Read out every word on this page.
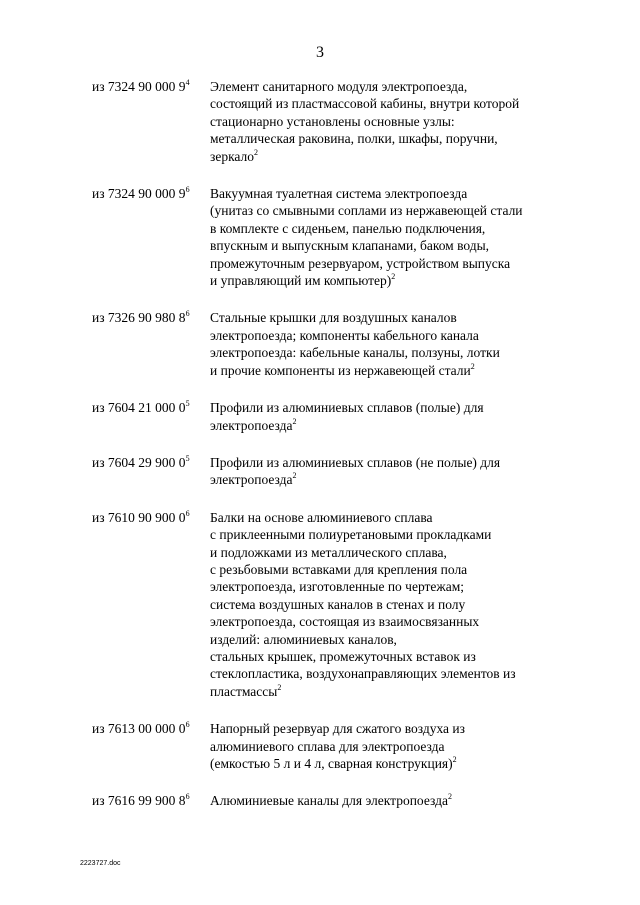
3
из 7324 90 000 $9^4$	Элемент санитарного модуля электропоезда,
состоящий из пластмассовой кабины, внутри которой
стационарно установлены основные узлы:
металлическая раковина, полки, шкафы, поручни,
зеркало$^2$
из 7324 90 000 $9^6$	Вакуумная туалетная система электропоезда
(унитаз со смывными соплами из нержавеющей стали
в комплекте с сиденьем, панелью подключения,
впускным и выпускным клапанами, баком воды,
промежуточным резервуаром, устройством выпуска
и управляющий им компьютер)$^2$
из 7326 90 980 $8^6$	Стальные крышки для воздушных каналов
электропоезда; компоненты кабельного канала
электропоезда: кабельные каналы, ползуны, лотки
и прочие компоненты из нержавеющей стали$^2$
из 7604 21 000 $0^5$	Профили из алюминиевых сплавов (полые) для
электропоезда$^2$
из 7604 29 900 $0^5$	Профили из алюминиевых сплавов (не полые) для
электропоезда$^2$
из 7610 90 900 $0^6$	Балки на основе алюминиевого сплава
с приклеенными полиуретановыми прокладками
и подложками из металлического сплава,
с резьбовыми вставками для крепления пола
электропоезда, изготовленные по чертежам;
система воздушных каналов в стенах и полу
электропоезда, состоящая из взаимосвязанных
изделий: алюминиевых каналов,
стальных крышек, промежуточных вставок из
стеклопластика, воздухонаправляющих элементов из
пластмассы$^2$
из 7613 00 000 $0^6$	Напорный резервуар для сжатого воздуха из
алюминиевого сплава для электропоезда
(емкостью 5 л и 4 л, сварная конструкция)$^2$
из 7616 99 900 $8^6$	Алюминиевые каналы для электропоезда$^2$
2223727.doc
